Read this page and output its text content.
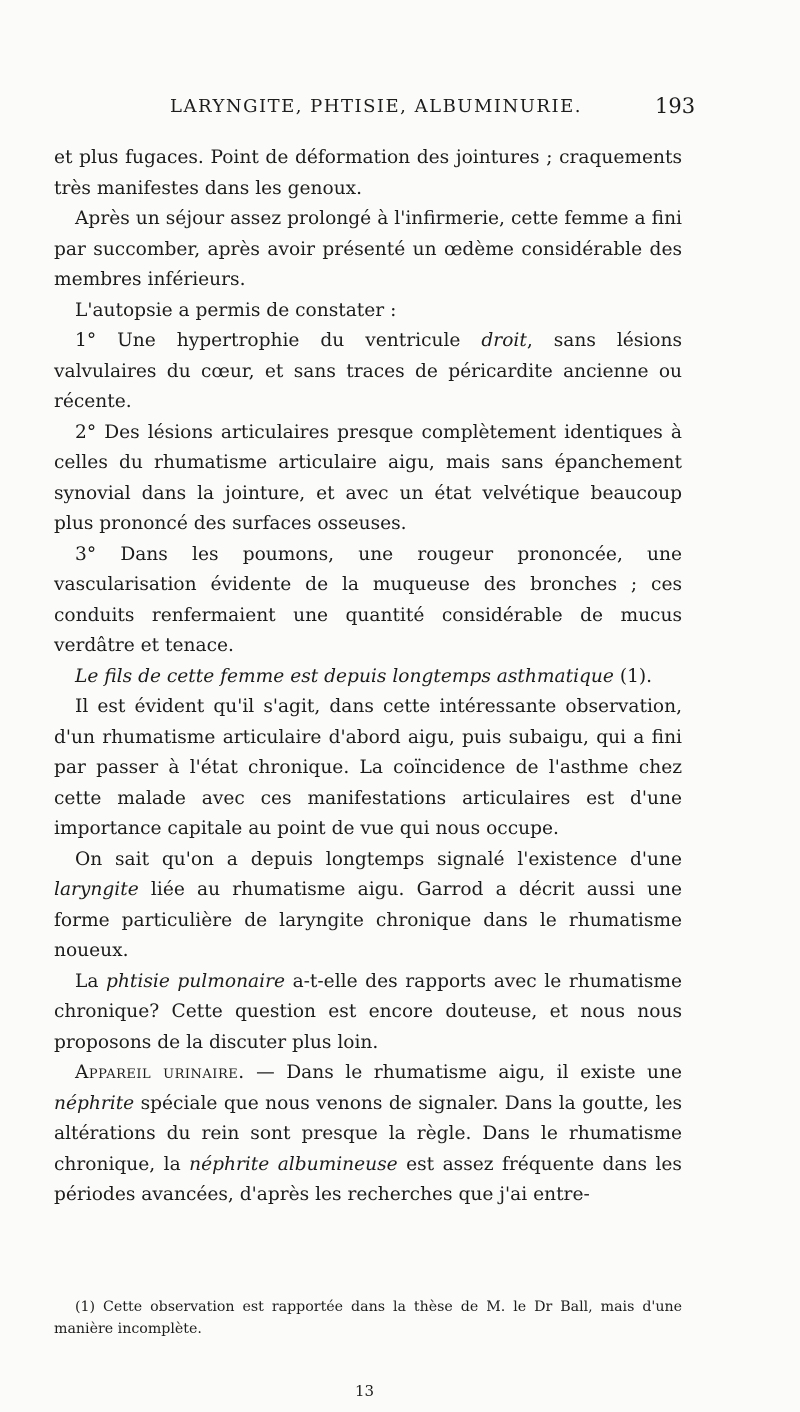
LARYNGITE, PHTISIE, ALBUMINURIE.	193

et plus fugaces. Point de déformation des jointures ; craquements très manifestes dans les genoux.

Après un séjour assez prolongé à l'infirmerie, cette femme a fini par succomber, après avoir présenté un œdème considérable des membres inférieurs.

L'autopsie a permis de constater :

1° Une hypertrophie du ventricule droit, sans lésions valvulaires du cœur, et sans traces de péricardite ancienne ou récente.

2° Des lésions articulaires presque complètement identiques à celles du rhumatisme articulaire aigu, mais sans épanchement synovial dans la jointure, et avec un état velvétique beaucoup plus prononcé des surfaces osseuses.

3° Dans les poumons, une rougeur prononcée, une vascularisation évidente de la muqueuse des bronches ; ces conduits renfermaient une quantité considérable de mucus verdâtre et tenace.

Le fils de cette femme est depuis longtemps asthmatique (1).

Il est évident qu'il s'agit, dans cette intéressante observation, d'un rhumatisme articulaire d'abord aigu, puis subaigu, qui a fini par passer à l'état chronique. La coïncidence de l'asthme chez cette malade avec ces manifestations articulaires est d'une importance capitale au point de vue qui nous occupe.

On sait qu'on a depuis longtemps signalé l'existence d'une laryngite liée au rhumatisme aigu. Garrod a décrit aussi une forme particulière de laryngite chronique dans le rhumatisme noueux.

La phtisie pulmonaire a-t-elle des rapports avec le rhumatisme chronique? Cette question est encore douteuse, et nous nous proposons de la discuter plus loin.

Appareil urinaire. — Dans le rhumatisme aigu, il existe une néphrite spéciale que nous venons de signaler. Dans la goutte, les altérations du rein sont presque la règle. Dans le rhumatisme chronique, la néphrite albumineuse est assez fréquente dans les périodes avancées, d'après les recherches que j'ai entre-

(1) Cette observation est rapportée dans la thèse de M. le Dr Ball, mais d'une manière incomplète.

13
